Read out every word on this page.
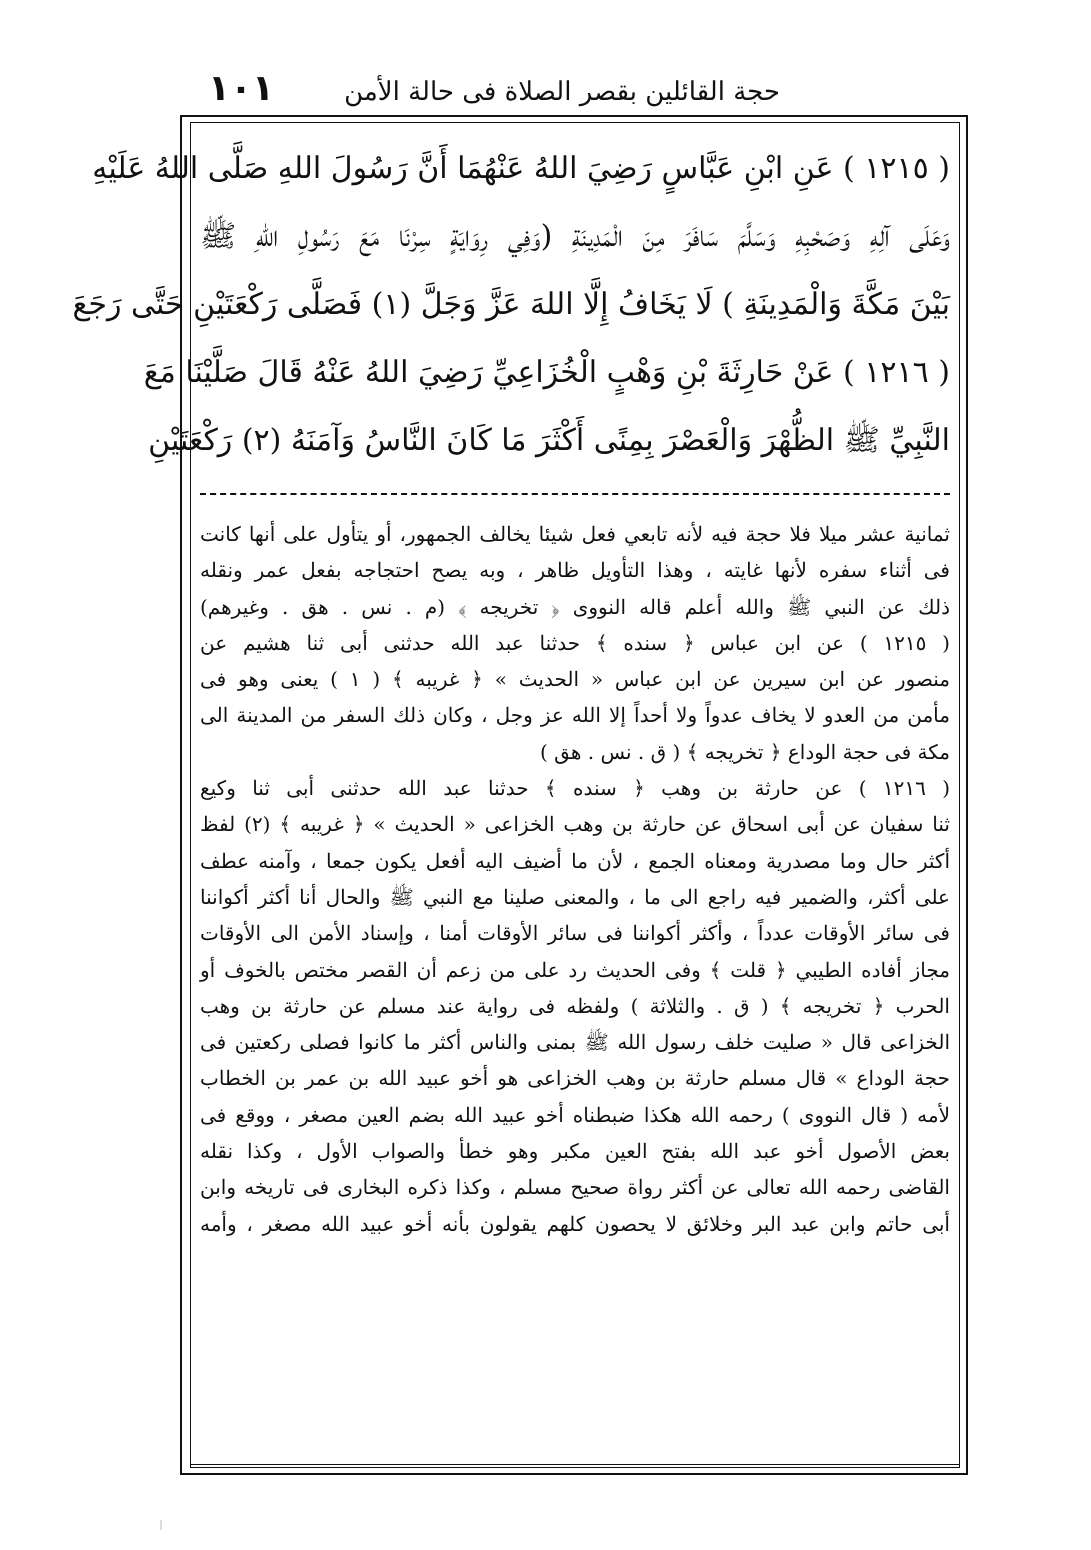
١٠١	حجة القائلين بقصر الصلاة فى حالة الأمن
( ١٢١٥ ) عَنِ ابْنِ عَبَّاسٍ رَضِيَ اللهُ عَنْهُمَا أَنَّ رَسُولَ اللهِ صَلَّى اللهُ عَلَيْهِ
وَعَلَى آلِهِ وَصَحْبِهِ وَسَلَّمَ سَافَرَ مِنَ الْمَدِينَةِ (وَفِي رِوَايَةٍ سِرْنَا مَعَ رَسُولِ اللهِ ﷺ
بَيْنَ مَكَّةَ وَالْمَدِينَةِ ) لَا يَخَافُ إِلَّا اللهَ عَزَّ وَجَلَّ (١) فَصَلَّى رَكْعَتَيْنِ حَتَّى رَجَعَ
( ١٢١٦ ) عَنْ حَارِثَةَ بْنِ وَهْبٍ الْخُزَاعِيِّ رَضِيَ اللهُ عَنْهُ قَالَ صَلَّيْنَا مَعَ
النَّبِيِّ ﷺ الظُّهْرَ وَالْعَصْرَ بِمِنًى أَكْثَرَ مَا كَانَ النَّاسُ وَآمَنَهُ (٢) رَكْعَتَيْنِ
ثمانية عشر ميلا فلا حجة فيه لأنه تابعي فعل شيئا يخالف الجمهور، أو يتأول على أنها كانت
فى أثناء سفره لأنها غايته ، وهذا التأويل ظاهر ، وبه يصح احتجاجه بفعل عمر ونقله
ذلك عن النبي ﷺ والله أعلم قاله النووى ﴿ تخريجه ﴾ (م . نس . هق . وغيرهم)
( ١٢١٥ ) عن ابن عباس ﴿ سنده ﴾ حدثنا عبد الله حدثنى أبى ثنا هشيم عن
منصور عن ابن سيرين عن ابن عباس « الحديث » ﴿ غريبه ﴾ ( ١ ) يعنى وهو فى
مأمن من العدو لا يخاف عدواً ولا أحداً إلا الله عز وجل ، وكان ذلك السفر من المدينة الى
مكة فى حجة الوداع ﴿ تخريجه ﴾ ( ق . نس . هق )
( ١٢١٦ ) عن حارثة بن وهب ﴿ سنده ﴾ حدثنا عبد الله حدثنى أبى ثنا وكيع
ثنا سفيان عن أبى اسحاق عن حارثة بن وهب الخزاعى « الحديث » ﴿ غريبه ﴾ (٢) لفظ
أكثر حال وما مصدرية ومعناه الجمع ، لأن ما أضيف اليه أفعل يكون جمعا ، وآمنه عطف
على أكثر، والضمير فيه راجع الى ما ، والمعنى صلينا مع النبي ﷺ والحال أنا أكثر أكواننا
فى سائر الأوقات عدداً ، وأكثر أكواننا فى سائر الأوقات أمنا ، وإسناد الأمن الى الأوقات
مجاز أفاده الطيبي ﴿ قلت ﴾ وفى الحديث رد على من زعم أن القصر مختص بالخوف أو
الحرب ﴿ تخريجه ﴾ ( ق . والثلاثة ) ولفظه فى رواية عند مسلم عن حارثة بن وهب
الخزاعى قال « صليت خلف رسول الله ﷺ بمنى والناس أكثر ما كانوا فصلى ركعتين فى
حجة الوداع » قال مسلم حارثة بن وهب الخزاعى هو أخو عبيد الله بن عمر بن الخطاب
لأمه ( قال النووى ) رحمه الله هكذا ضبطناه أخو عبيد الله بضم العين مصغر ، ووقع فى
بعض الأصول أخو عبد الله بفتح العين مكبر وهو خطأ والصواب الأول ، وكذا نقله
القاضى رحمه الله تعالى عن أكثر رواة صحيح مسلم ، وكذا ذكره البخارى فى تاريخه وابن
أبى حاتم وابن عبد البر وخلائق لا يحصون كلهم يقولون بأنه أخو عبيد الله مصغر ، وأمه
